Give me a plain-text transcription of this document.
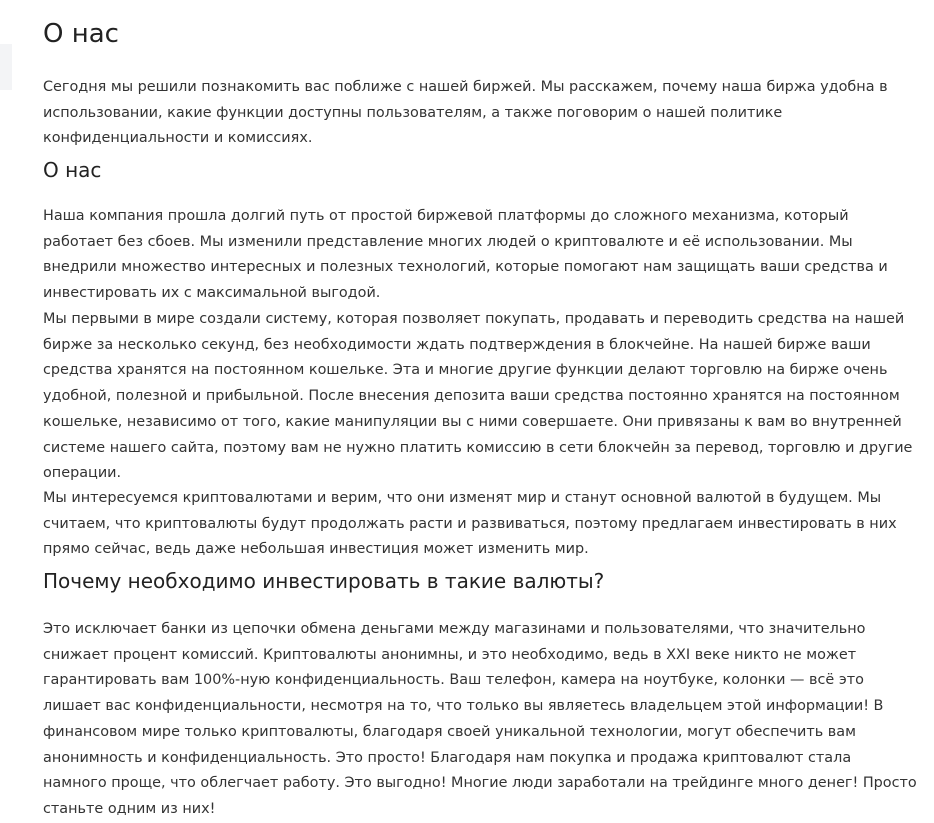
О нас

Сегодня мы решили познакомить вас поближе с нашей биржей. Мы расскажем, почему наша биржа удобна в использовании, какие функции доступны пользователям, а также поговорим о нашей политике конфиденциальности и комиссиях.

О нас

Наша компания прошла долгий путь от простой биржевой платформы до сложного механизма, который работает без сбоев. Мы изменили представление многих людей о криптовалюте и её использовании. Мы внедрили множество интересных и полезных технологий, которые помогают нам защищать ваши средства и инвестировать их с максимальной выгодой.

Мы первыми в мире создали систему, которая позволяет покупать, продавать и переводить средства на нашей бирже за несколько секунд, без необходимости ждать подтверждения в блокчейне. На нашей бирже ваши средства хранятся на постоянном кошельке. Эта и многие другие функции делают торговлю на бирже очень удобной, полезной и прибыльной. После внесения депозита ваши средства постоянно хранятся на постоянном кошельке, независимо от того, какие манипуляции вы с ними совершаете. Они привязаны к вам во внутренней системе нашего сайта, поэтому вам не нужно платить комиссию в сети блокчейн за перевод, торговлю и другие операции.

Мы интересуемся криптовалютами и верим, что они изменят мир и станут основной валютой в будущем. Мы считаем, что криптовалюты будут продолжать расти и развиваться, поэтому предлагаем инвестировать в них прямо сейчас, ведь даже небольшая инвестиция может изменить мир.

Почему необходимо инвестировать в такие валюты?

Это исключает банки из цепочки обмена деньгами между магазинами и пользователями, что значительно снижает процент комиссий. Криптовалюты анонимны, и это необходимо, ведь в XXI веке никто не может гарантировать вам 100%-ную конфиденциальность. Ваш телефон, камера на ноутбуке, колонки — всё это лишает вас конфиденциальности, несмотря на то, что только вы являетесь владельцем этой информации! В финансовом мире только криптовалюты, благодаря своей уникальной технологии, могут обеспечить вам анонимность и конфиденциальность. Это просто! Благодаря нам покупка и продажа криптовалют стала намного проще, что облегчает работу. Это выгодно! Многие люди заработали на трейдинге много денег! Просто станьте одним из них!
